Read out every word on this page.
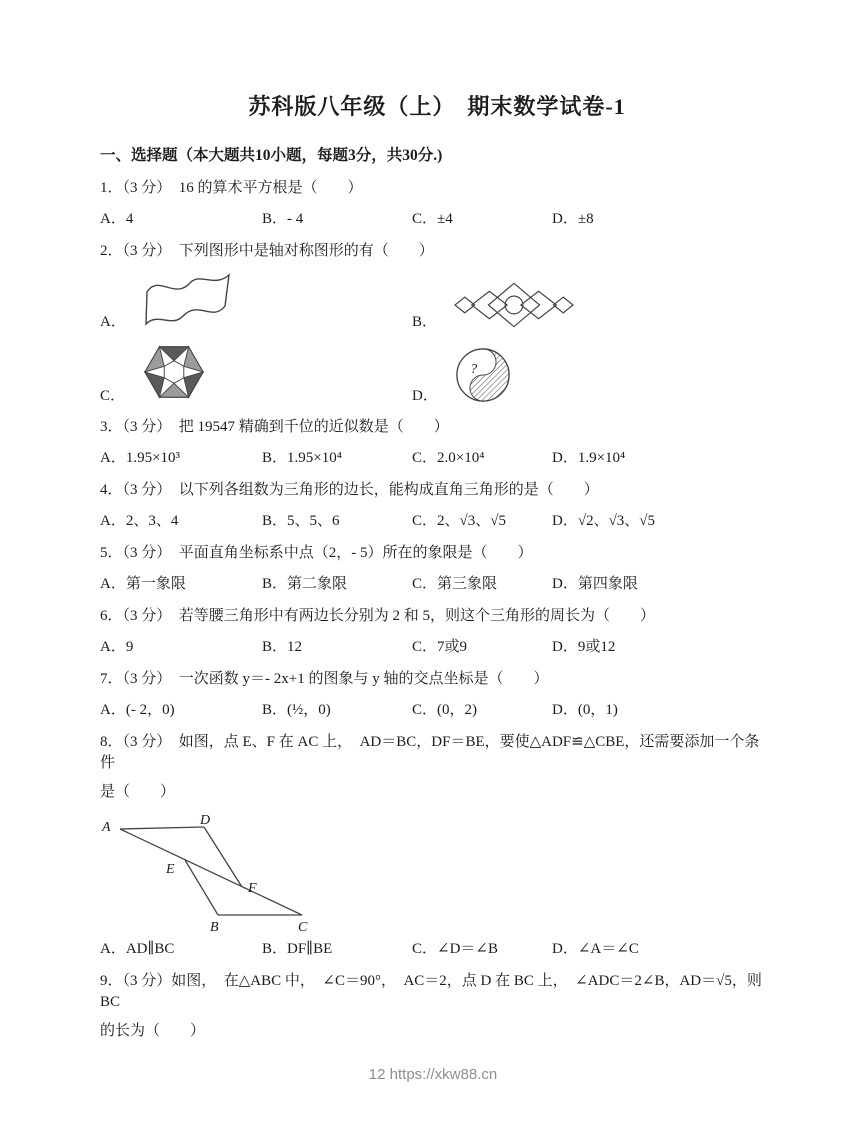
苏科版八年级（上）　期末数学试卷-1
一、选择题（本大题共10小题，每题3分，共30分.)
1．（3 分）　16 的算术平方根是（　　）
A．4	B．- 4	C．±4	D．±8
2．（3 分）　下列图形中是轴对称图形的有（　　）
A．	B．
C．	D．
?
3．（3 分）　把 19547 精确到千位的近似数是（　　）
A．1.95×10³	B．1.95×10⁴	C．2.0×10⁴	D．1.9×10⁴
4．（3 分）　以下列各组数为三角形的边长，能构成直角三角形的是（　　）
A．2、3、4	B．5、5、6	C．2、√3、√5	D．√2、√3、√5
5．（3 分）　平面直角坐标系中点（2，- 5）所在的象限是（　　）
A．第一象限	B．第二象限	C．第三象限	D．第四象限
6．（3 分）　若等腰三角形中有两边长分别为 2 和 5，则这个三角形的周长为（　　）
A．9	B．12	C．7或9	D．9或12
7．（3 分）　一次函数 y＝- 2x+1 的图象与 y 轴的交点坐标是（　　）
A．(- 2，0)	B．(½，0)	C．(0，2)	D．(0，1)
8．（3 分）　如图，点 E、F 在 AC 上，　AD＝BC，DF＝BE，要使△ADF≌△CBE，还需要添加一个条件
是（　　）
A	D
E
F
B	C
A．AD∥BC	B．DF∥BE	C．∠D＝∠B	D．∠A＝∠C
9．（3 分）如图，　在△ABC 中，　∠C＝90°，　AC＝2，点 D 在 BC 上，　∠ADC＝2∠B，AD＝√5，则 BC
的长为（　　）
12 https://xkw88.cn
